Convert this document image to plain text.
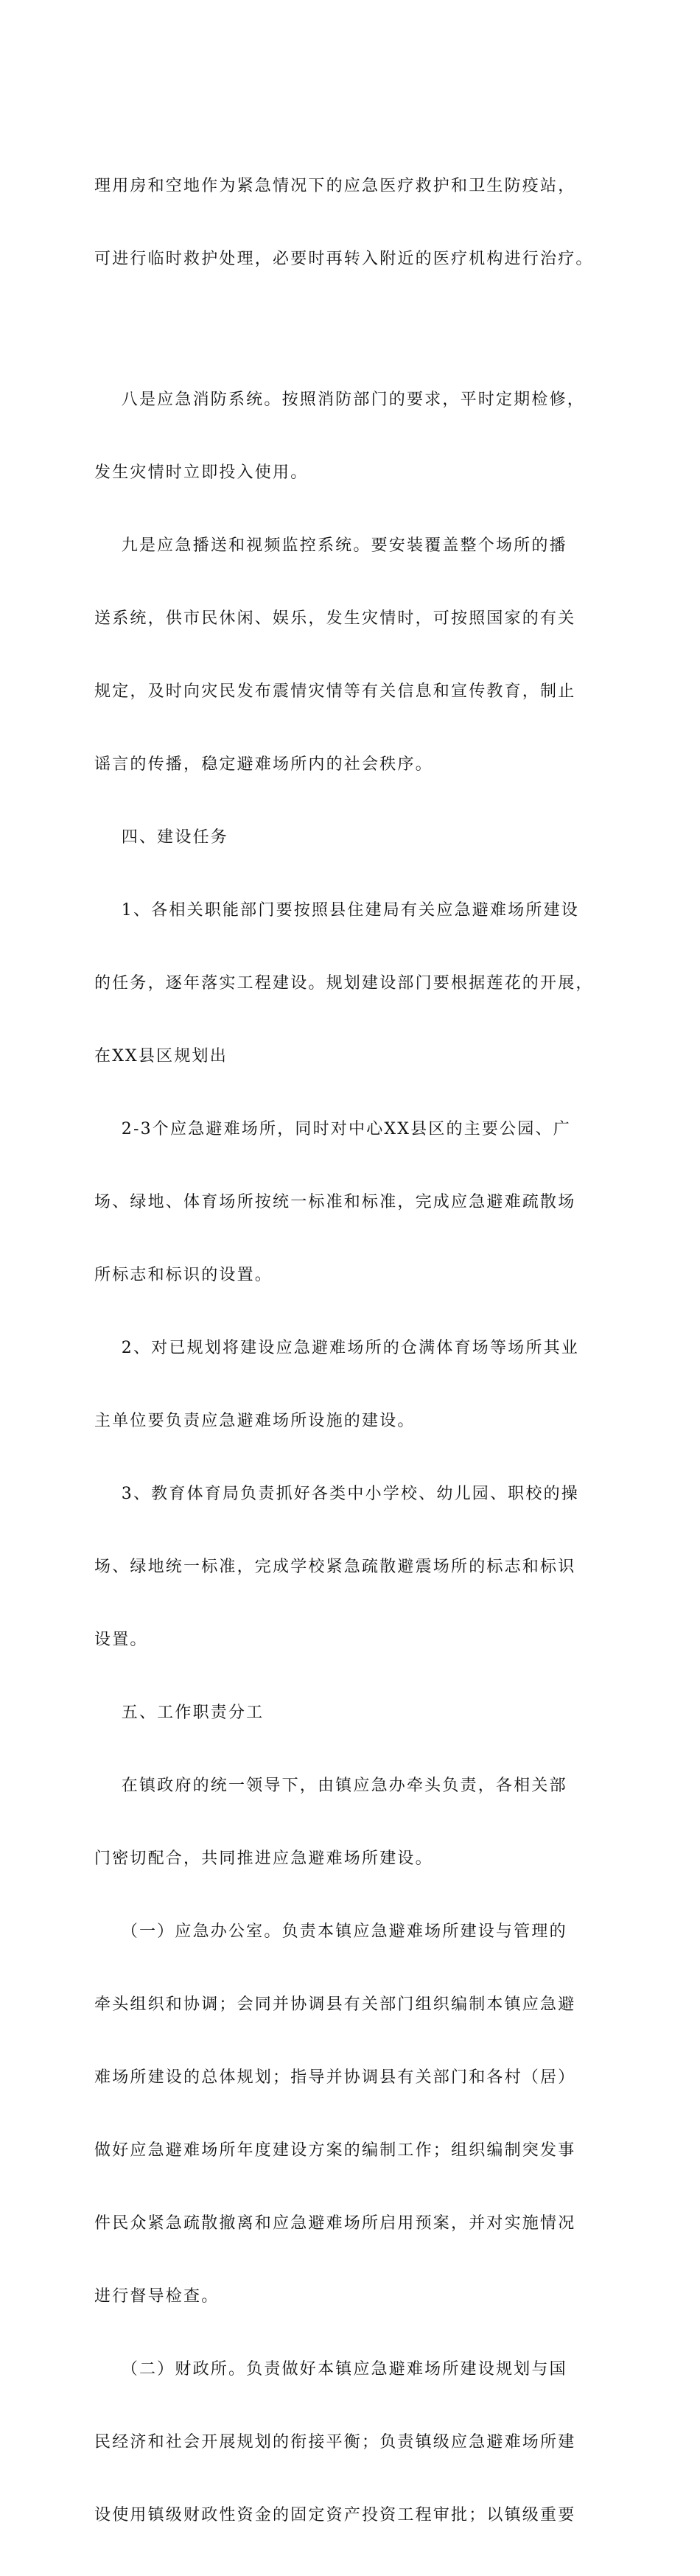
理用房和空地作为紧急情况下的应急医疗救护和卫生防疫站，

可进行临时救护处理，必要时再转入附近的医疗机构进行治疗。

八是应急消防系统。按照消防部门的要求，平时定期检修，

发生灾情时立即投入使用。

九是应急播送和视频监控系统。要安装覆盖整个场所的播

送系统，供市民休闲、娱乐，发生灾情时，可按照国家的有关

规定，及时向灾民发布震情灾情等有关信息和宣传教育，制止

谣言的传播，稳定避难场所内的社会秩序。

四、建设任务

1、各相关职能部门要按照县住建局有关应急避难场所建设

的任务，逐年落实工程建设。规划建设部门要根据莲花的开展，

在XX县区规划出

2-3个应急避难场所，同时对中心XX县区的主要公园、广

场、绿地、体育场所按统一标准和标准，完成应急避难疏散场

所标志和标识的设置。

2、对已规划将建设应急避难场所的仓满体育场等场所其业

主单位要负责应急避难场所设施的建设。

3、教育体育局负责抓好各类中小学校、幼儿园、职校的操

场、绿地统一标准，完成学校紧急疏散避震场所的标志和标识

设置。

五、工作职责分工

在镇政府的统一领导下，由镇应急办牵头负责，各相关部

门密切配合，共同推进应急避难场所建设。

（一）应急办公室。负责本镇应急避难场所建设与管理的

牵头组织和协调；会同并协调县有关部门组织编制本镇应急避

难场所建设的总体规划；指导并协调县有关部门和各村（居）

做好应急避难场所年度建设方案的编制工作；组织编制突发事

件民众紧急疏散撤离和应急避难场所启用预案，并对实施情况

进行督导检查。

（二）财政所。负责做好本镇应急避难场所建设规划与国

民经济和社会开展规划的衔接平衡；负责镇级应急避难场所建

设使用镇级财政性资金的固定资产投资工程审批；以镇级重要
